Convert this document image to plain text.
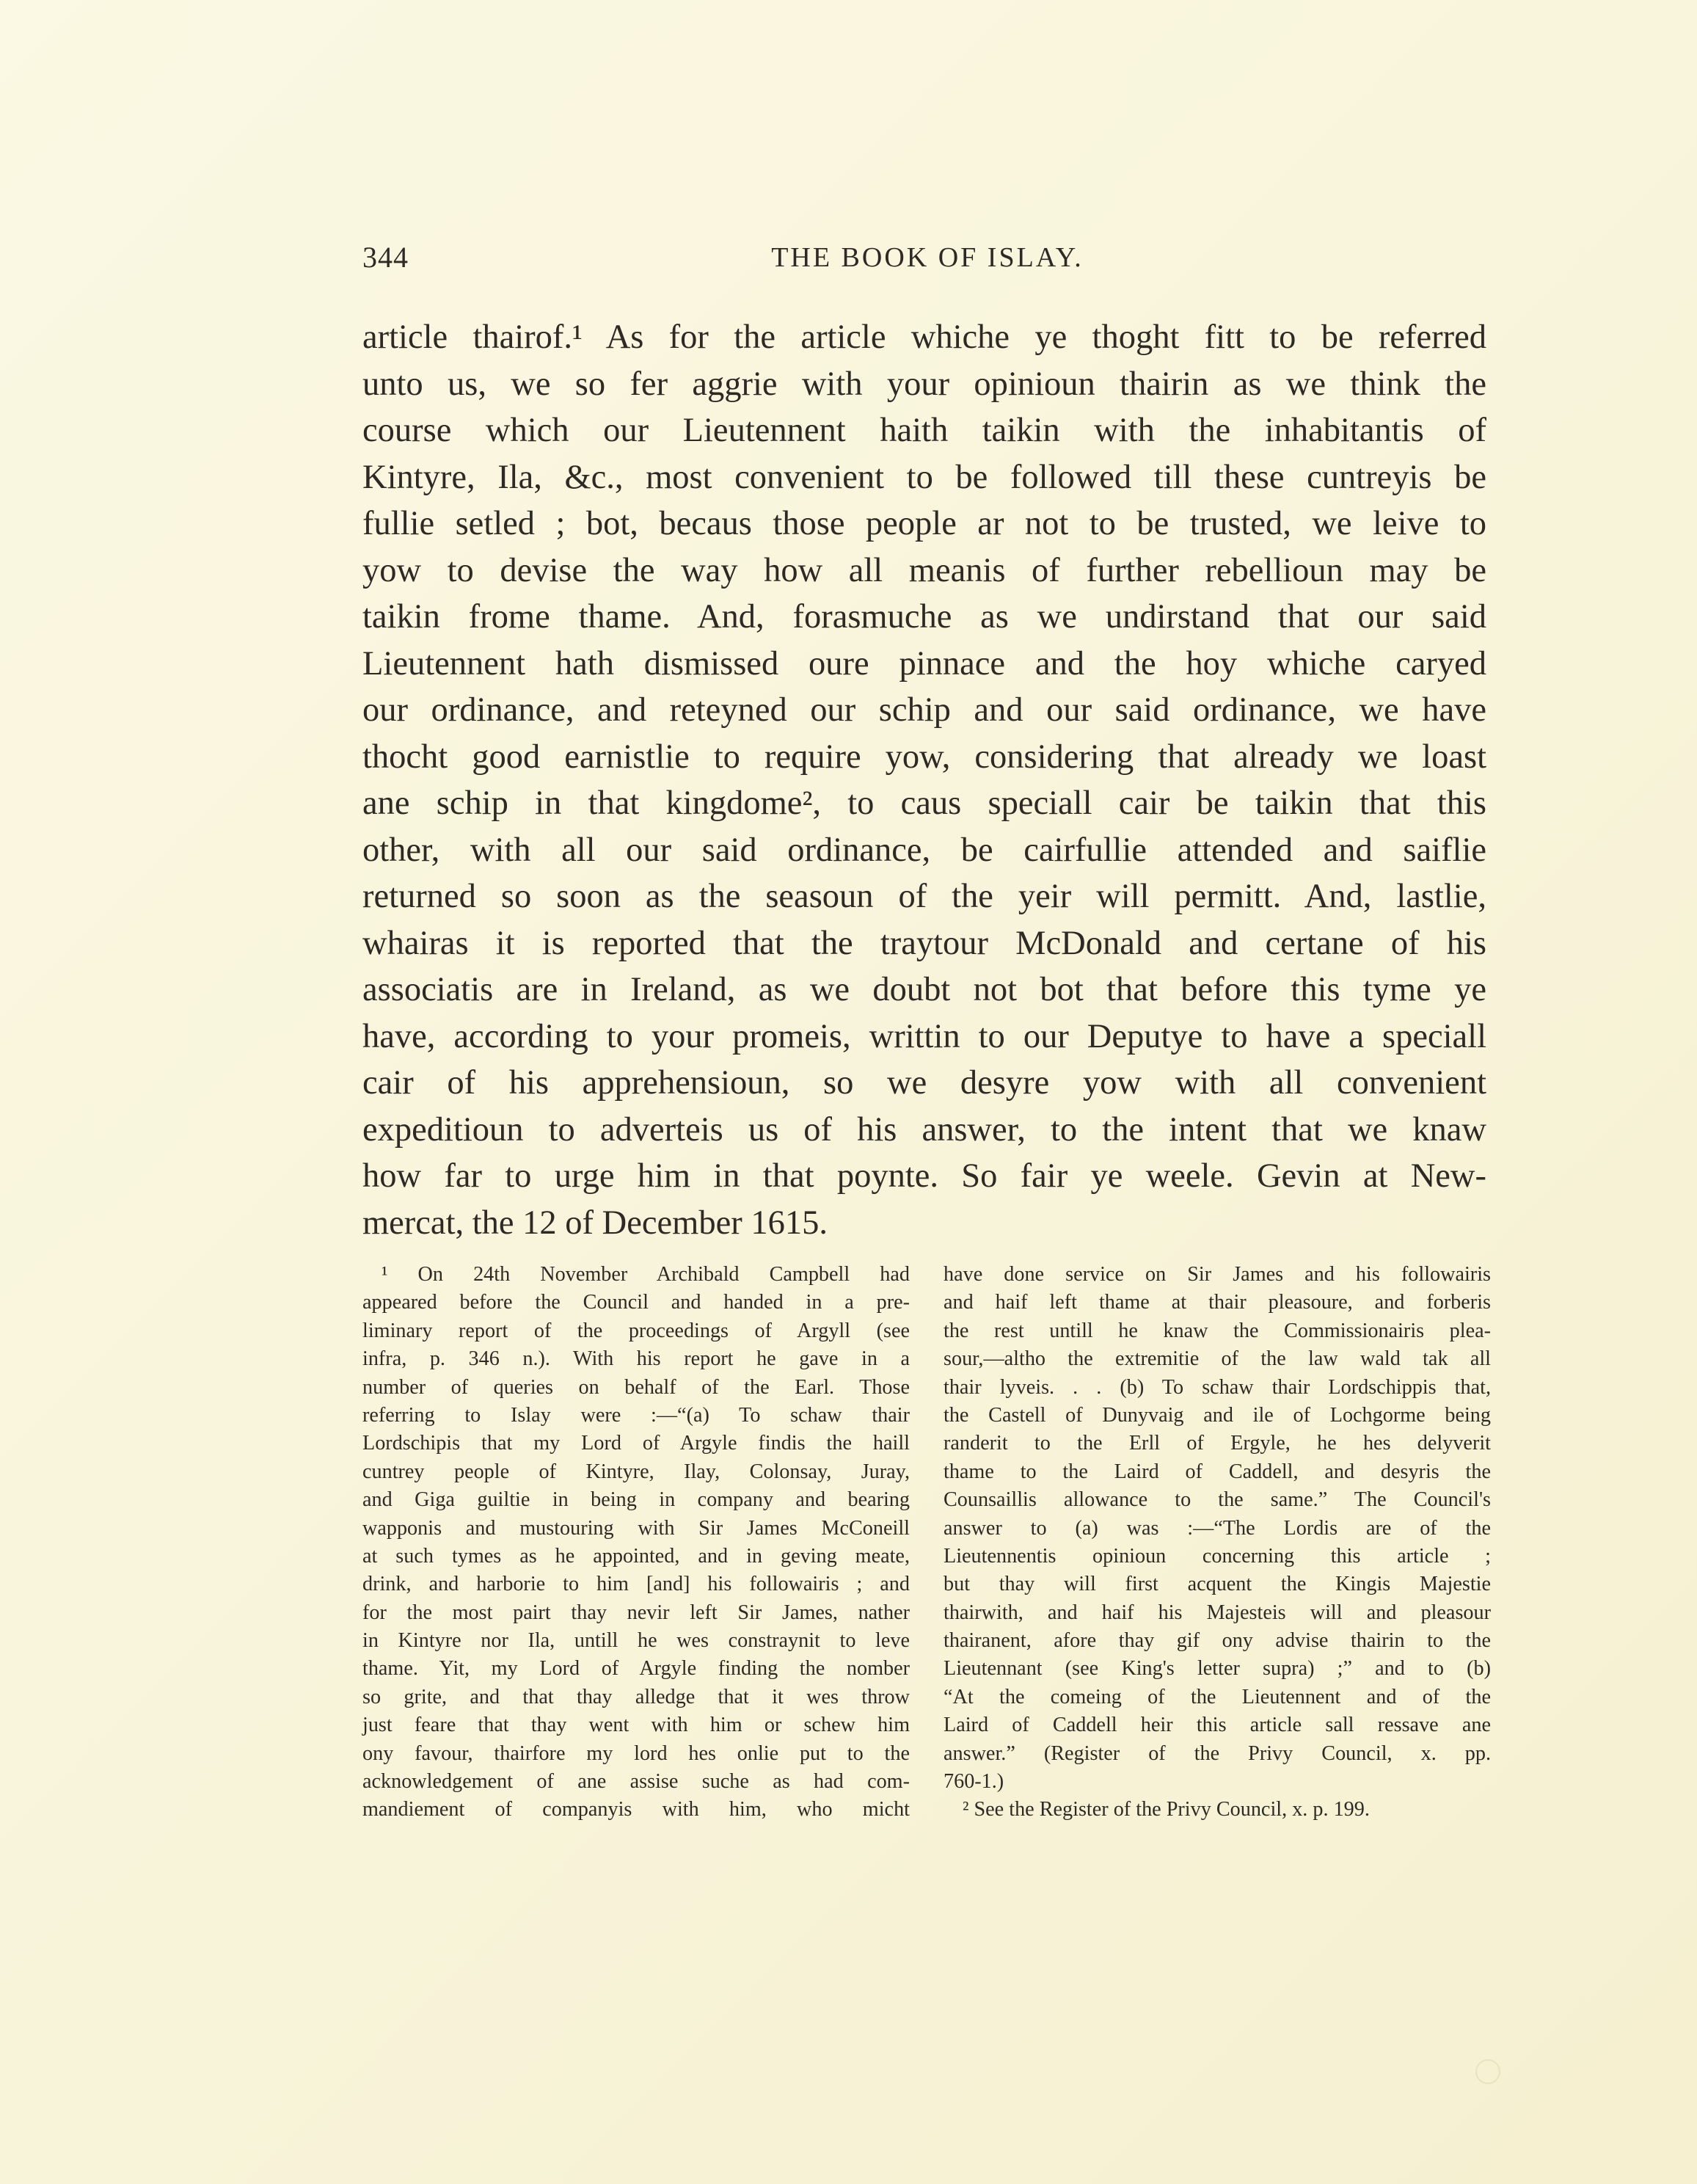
344	THE BOOK OF ISLAY.
article thairof.¹ As for the article whiche ye thoght fitt to be referred
unto us, we so fer aggrie with your opinioun thairin as we think the
course which our Lieutennent haith taikin with the inhabitantis of
Kintyre, Ila, &c., most convenient to be followed till these cuntreyis be
fullie setled ; bot, becaus those people ar not to be trusted, we leive to
yow to devise the way how all meanis of further rebellioun may be
taikin frome thame. And, forasmuche as we undirstand that our said
Lieutennent hath dismissed oure pinnace and the hoy whiche caryed
our ordinance, and reteyned our schip and our said ordinance, we have
thocht good earnistlie to require yow, considering that already we loast
ane schip in that kingdome², to caus speciall cair be taikin that this
other, with all our said ordinance, be cairfullie attended and saiflie
returned so soon as the seasoun of the yeir will permitt. And, lastlie,
whairas it is reported that the traytour McDonald and certane of his
associatis are in Ireland, as we doubt not bot that before this tyme ye
have, according to your promeis, writtin to our Deputye to have a speciall
cair of his apprehensioun, so we desyre yow with all convenient
expeditioun to adverteis us of his answer, to the intent that we knaw
how far to urge him in that poynte. So fair ye weele. Gevin at New-
mercat, the 12 of December 1615.
¹ On 24th November Archibald Campbell had
appeared before the Council and handed in a pre-
liminary report of the proceedings of Argyll (see
infra, p. 346 n.). With his report he gave in a
number of queries on behalf of the Earl. Those
referring to Islay were :—“(a) To schaw thair
Lordschipis that my Lord of Argyle findis the haill
cuntrey people of Kintyre, Ilay, Colonsay, Juray,
and Giga guiltie in being in company and bearing
wapponis and mustouring with Sir James McConeill
at such tymes as he appointed, and in geving meate,
drink, and harborie to him [and] his followairis ; and
for the most pairt thay nevir left Sir James, nather
in Kintyre nor Ila, untill he wes constraynit to leve
thame. Yit, my Lord of Argyle finding the nomber
so grite, and that thay alledge that it wes throw
just feare that thay went with him or schew him
ony favour, thairfore my lord hes onlie put to the
acknowledgement of ane assise suche as had com-
mandiement of companyis with him, who micht
have done service on Sir James and his followairis
and haif left thame at thair pleasoure, and forberis
the rest untill he knaw the Commissionairis plea-
sour,—altho the extremitie of the law wald tak all
thair lyveis. . . (b) To schaw thair Lordschippis that,
the Castell of Dunyvaig and ile of Lochgorme being
randerit to the Erll of Ergyle, he hes delyverit
thame to the Laird of Caddell, and desyris the
Counsaillis allowance to the same.” The Council's
answer to (a) was :—“The Lordis are of the
Lieutennentis opinioun concerning this article ;
but thay will first acquent the Kingis Majestie
thairwith, and haif his Majesteis will and pleasour
thairanent, afore thay gif ony advise thairin to the
Lieutennant (see King's letter supra) ;” and to (b)
“At the comeing of the Lieutennent and of the
Laird of Caddell heir this article sall ressave ane
answer.” (Register of the Privy Council, x. pp.
760-1.)
² See the Register of the Privy Council, x. p. 199.
